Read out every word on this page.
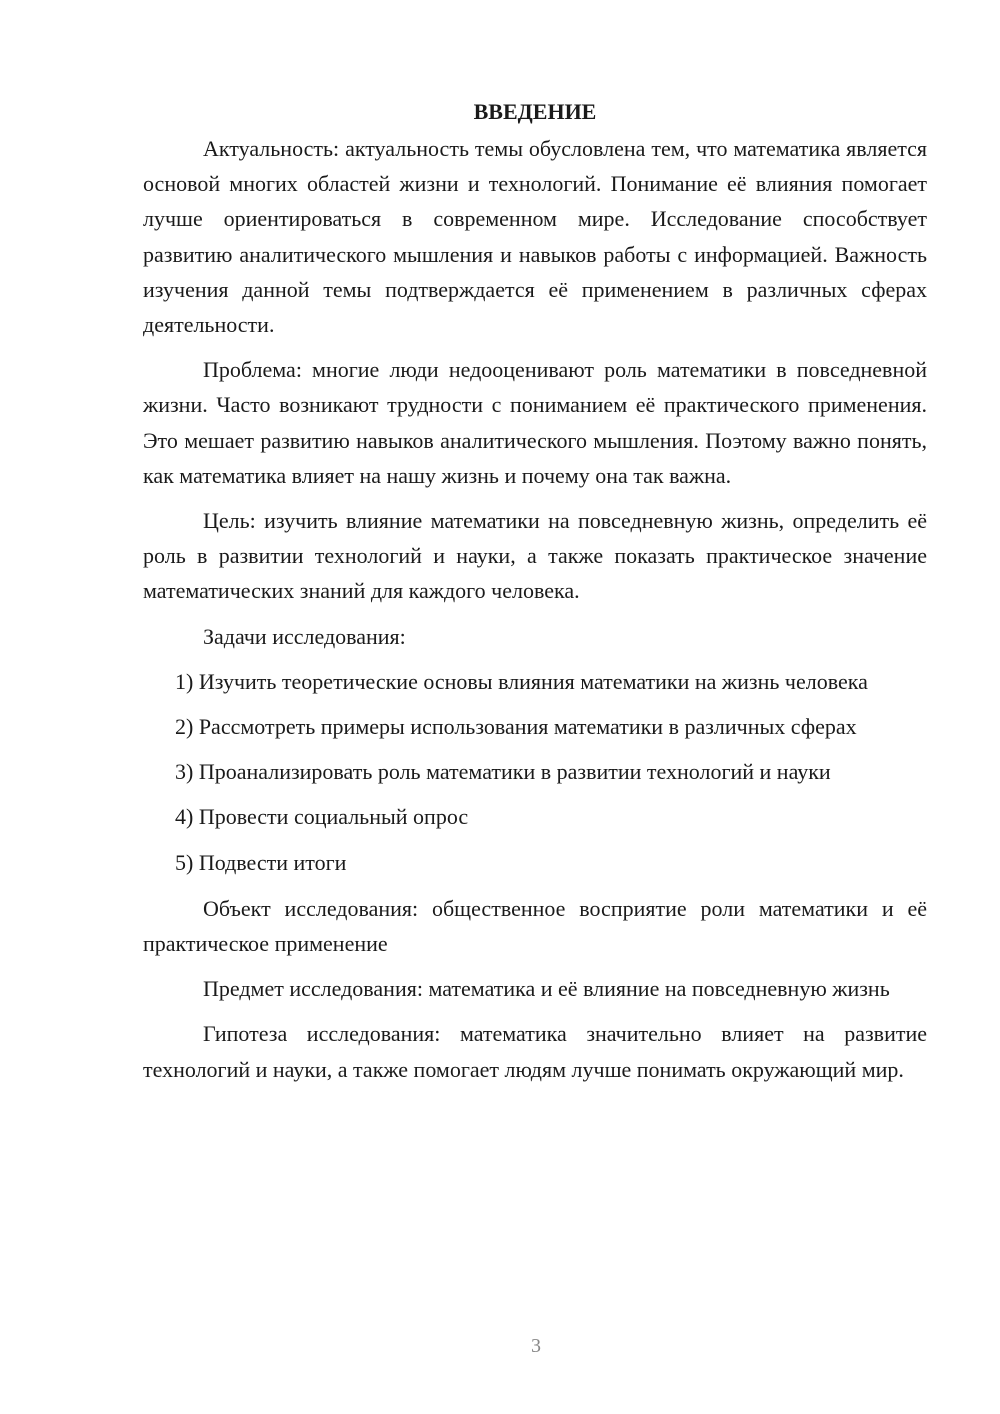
ВВЕДЕНИЕ

Актуальность: актуальность темы обусловлена тем, что математика является основой многих областей жизни и технологий. Понимание её влияния помогает лучше ориентироваться в современном мире. Исследование способствует развитию аналитического мышления и навыков работы с информацией. Важность изучения данной темы подтверждается её применением в различных сферах деятельности.

Проблема: многие люди недооценивают роль математики в повседневной жизни. Часто возникают трудности с пониманием её практического применения. Это мешает развитию навыков аналитического мышления. Поэтому важно понять, как математика влияет на нашу жизнь и почему она так важна.

Цель: изучить влияние математики на повседневную жизнь, определить её роль в развитии технологий и науки, а также показать практическое значение математических знаний для каждого человека.

Задачи исследования:

1) Изучить теоретические основы влияния математики на жизнь человека

2) Рассмотреть примеры использования математики в различных сферах

3) Проанализировать роль математики в развитии технологий и науки

4) Провести социальный опрос

5) Подвести итоги

Объект исследования: общественное восприятие роли математики и её практическое применение

Предмет исследования: математика и её влияние на повседневную жизнь

Гипотеза исследования: математика значительно влияет на развитие технологий и науки, а также помогает людям лучше понимать окружающий мир.

3
